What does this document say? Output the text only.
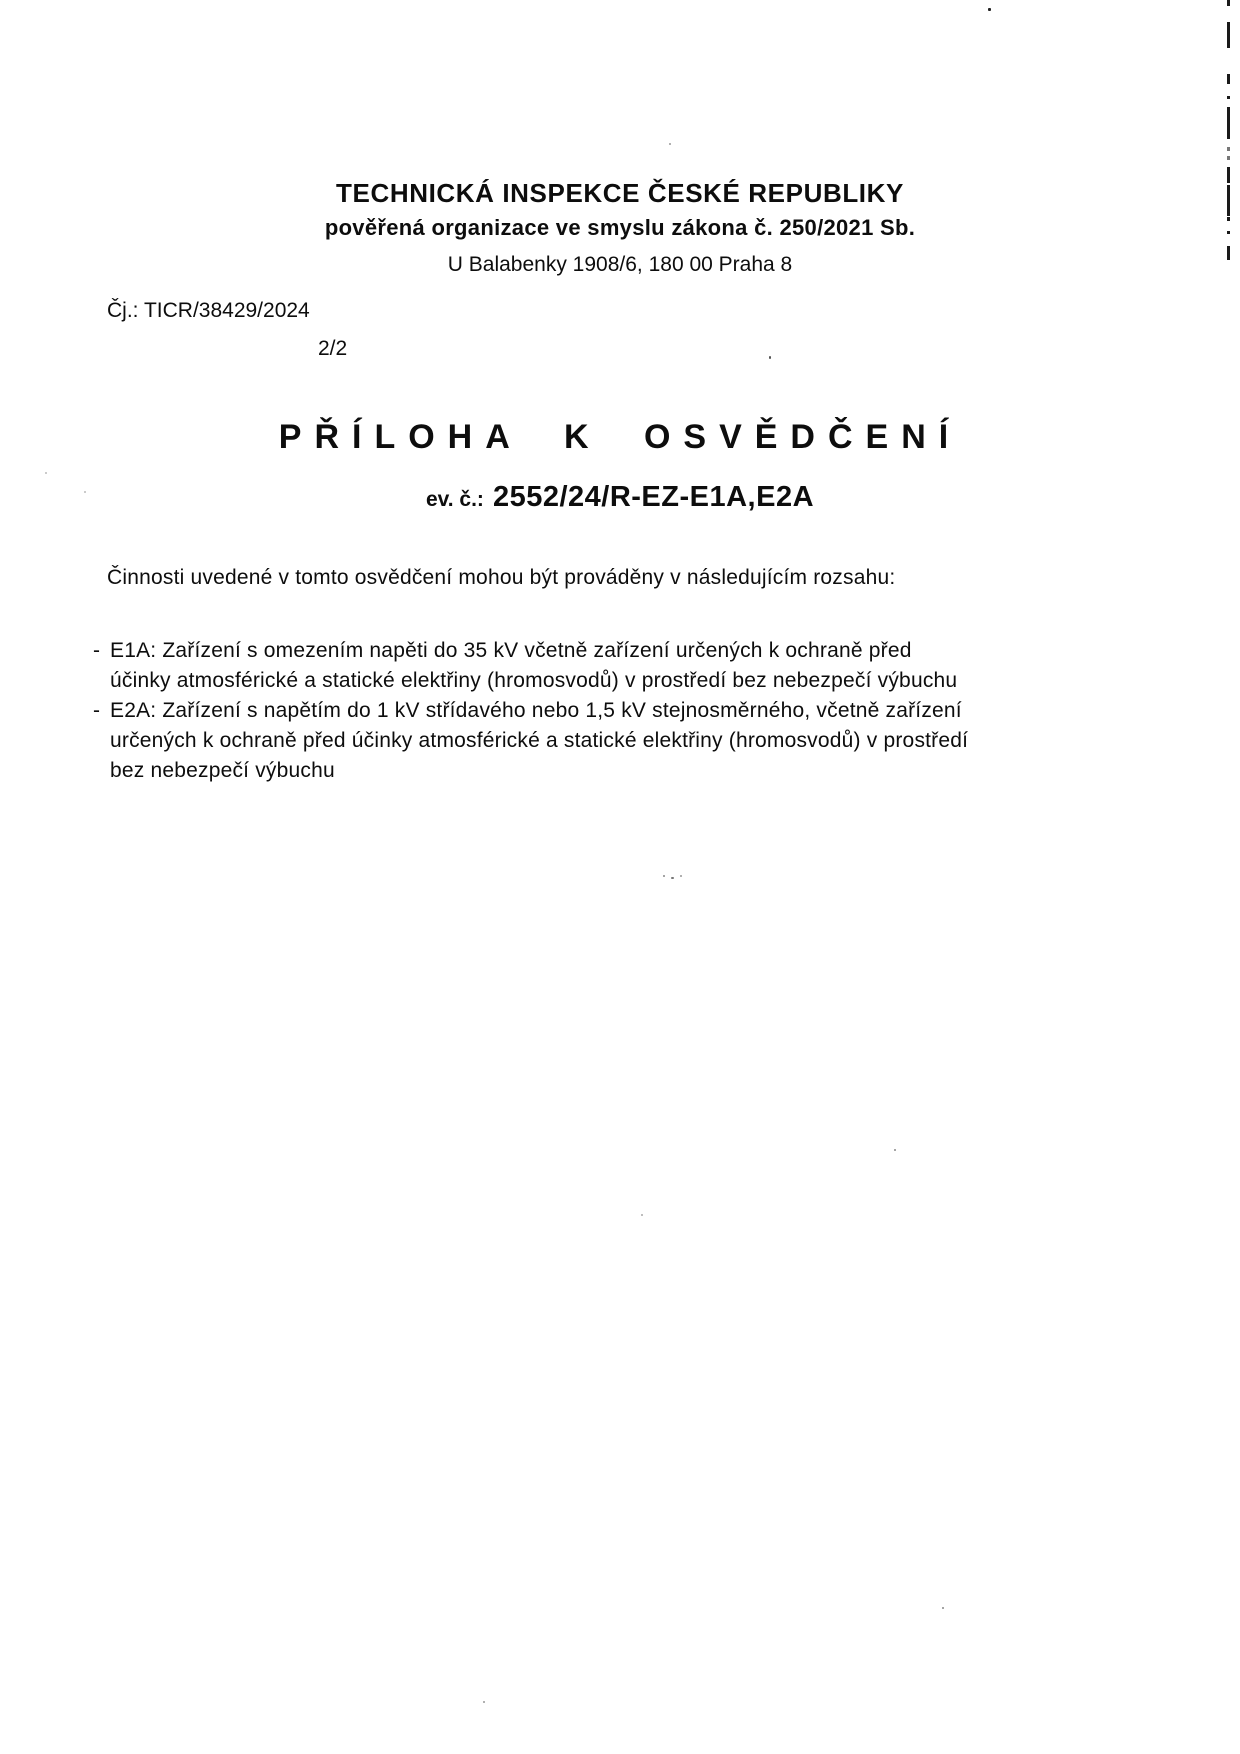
TECHNICKÁ INSPEKCE ČESKÉ REPUBLIKY
pověřená organizace ve smyslu zákona č. 250/2021 Sb.
U Balabenky 1908/6, 180 00 Praha 8
Čj.: TICR/38429/2024
2/2
PŘÍLOHA K OSVĚDČENÍ
ev. č.: 2552/24/R-EZ-E1A,E2A
Činnosti uvedené v tomto osvědčení mohou být prováděny v následujícím rozsahu:
- E1A: Zařízení s omezením napěti do 35 kV včetně zařízení určených k ochraně před
účinky atmosférické a statické elektřiny (hromosvodů) v prostředí bez nebezpečí výbuchu
- E2A: Zařízení s napětím do 1 kV střídavého nebo 1,5 kV stejnosměrného, včetně zařízení
určených k ochraně před účinky atmosférické a statické elektřiny (hromosvodů) v prostředí
bez nebezpečí výbuchu
